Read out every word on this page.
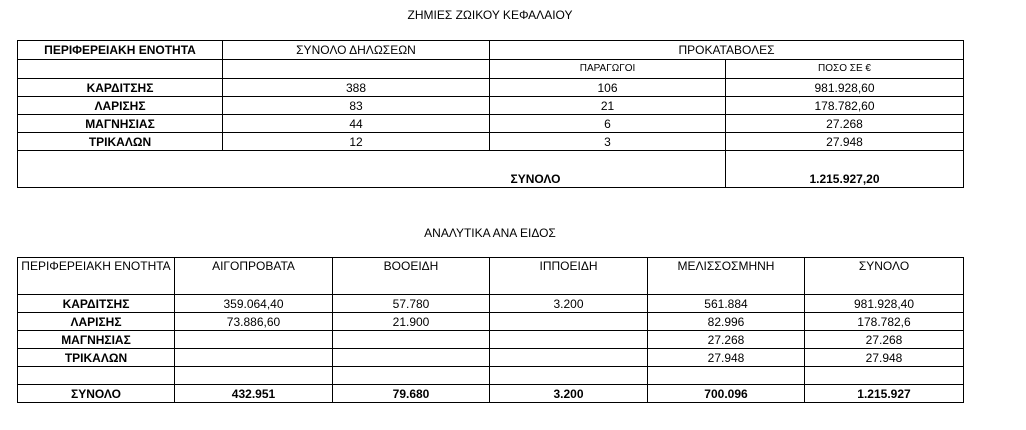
ΖΗΜΙΕΣ ΖΩΙΚΟΥ ΚΕΦΑΛΑΙΟΥ
ΠΕΡΙΦΕΡΕΙΑΚΗ ΕΝΟΤΗΤΑ	ΣΥΝΟΛΟ ΔΗΛΩΣΕΩΝ	ΠΡΟΚΑΤΑΒΟΛΕΣ	
		ΠΑΡΑΓΩΓΟΙ	ΠΟΣΟ ΣΕ €
ΚΑΡΔΙΤΣΗΣ	388	106	981.928,60
ΛΑΡΙΣΗΣ	83	21	178.782,60
ΜΑΓΝΗΣΙΑΣ	44	6	27.268
ΤΡΙΚΑΛΩΝ	12	3	27.948
ΣΥΝΟΛΟ			1.215.927,20
ΑΝΑΛΥΤΙΚΑ ΑΝΑ ΕΙΔΟΣ
ΠΕΡΙΦΕΡΕΙΑΚΗ ΕΝΟΤΗΤΑ	ΑΙΓΟΠΡΟΒΑΤΑ	ΒΟΟΕΙΔΗ	ΙΠΠΟΕΙΔΗ	ΜΕΛΙΣΣΟΣΜΗΝΗ	ΣΥΝΟΛΟ
ΚΑΡΔΙΤΣΗΣ	359.064,40	57.780	3.200	561.884	981.928,40
ΛΑΡΙΣΗΣ	73.886,60	21.900		82.996	178.782,6
ΜΑΓΝΗΣΙΑΣ				27.268	27.268
ΤΡΙΚΑΛΩΝ				27.948	27.948

ΣΥΝΟΛΟ	432.951	79.680	3.200	700.096	1.215.927
